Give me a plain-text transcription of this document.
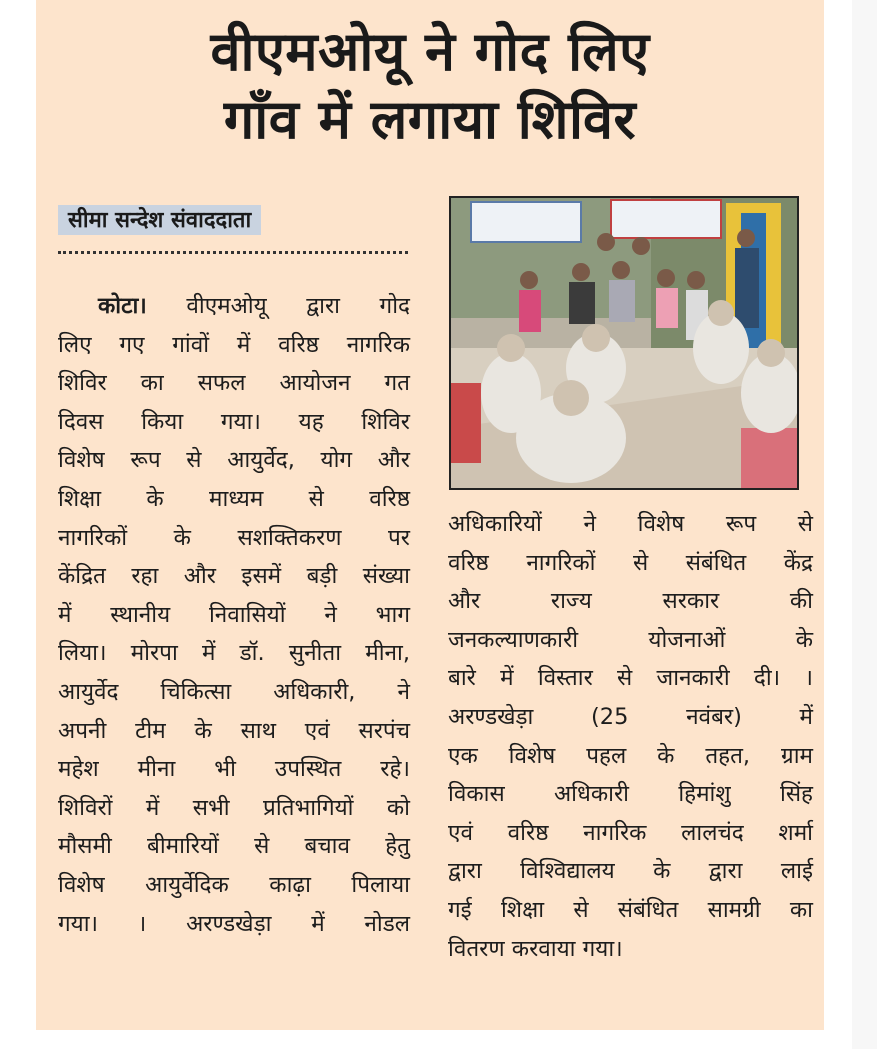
वीएमओयू ने गोद लिए
गाँव में लगाया शिविर
सीमा सन्देश संवाददाता
कोटा। वीएमओयू द्वारा गोद
लिए गए गांवों में वरिष्ठ नागरिक
शिविर का सफल आयोजन गत
दिवस किया गया। यह शिविर
विशेष रूप से आयुर्वेद, योग और
शिक्षा के माध्यम से वरिष्ठ
नागरिकों के सशक्तिकरण पर
केंद्रित रहा और इसमें बड़ी संख्या
में स्थानीय निवासियों ने भाग
लिया। मोरपा में डॉ. सुनीता मीना,
आयुर्वेद चिकित्सा अधिकारी, ने
अपनी टीम के साथ एवं सरपंच
महेश मीना भी उपस्थित रहे।
शिविरों में सभी प्रतिभागियों को
मौसमी बीमारियों से बचाव हेतु
विशेष आयुर्वेदिक काढ़ा पिलाया
गया। । अरण्डखेड़ा में नोडल
अधिकारियों ने विशेष रूप से
वरिष्ठ नागरिकों से संबंधित केंद्र
और राज्य सरकार की
जनकल्याणकारी योजनाओं के
बारे में विस्तार से जानकारी दी। ।
अरण्डखेड़ा (25 नवंबर) में
एक विशेष पहल के तहत, ग्राम
विकास अधिकारी हिमांशु सिंह
एवं वरिष्ठ नागरिक लालचंद शर्मा
द्वारा विश्विद्यालय के द्वारा लाई
गई शिक्षा से संबंधित सामग्री का
वितरण करवाया गया।
